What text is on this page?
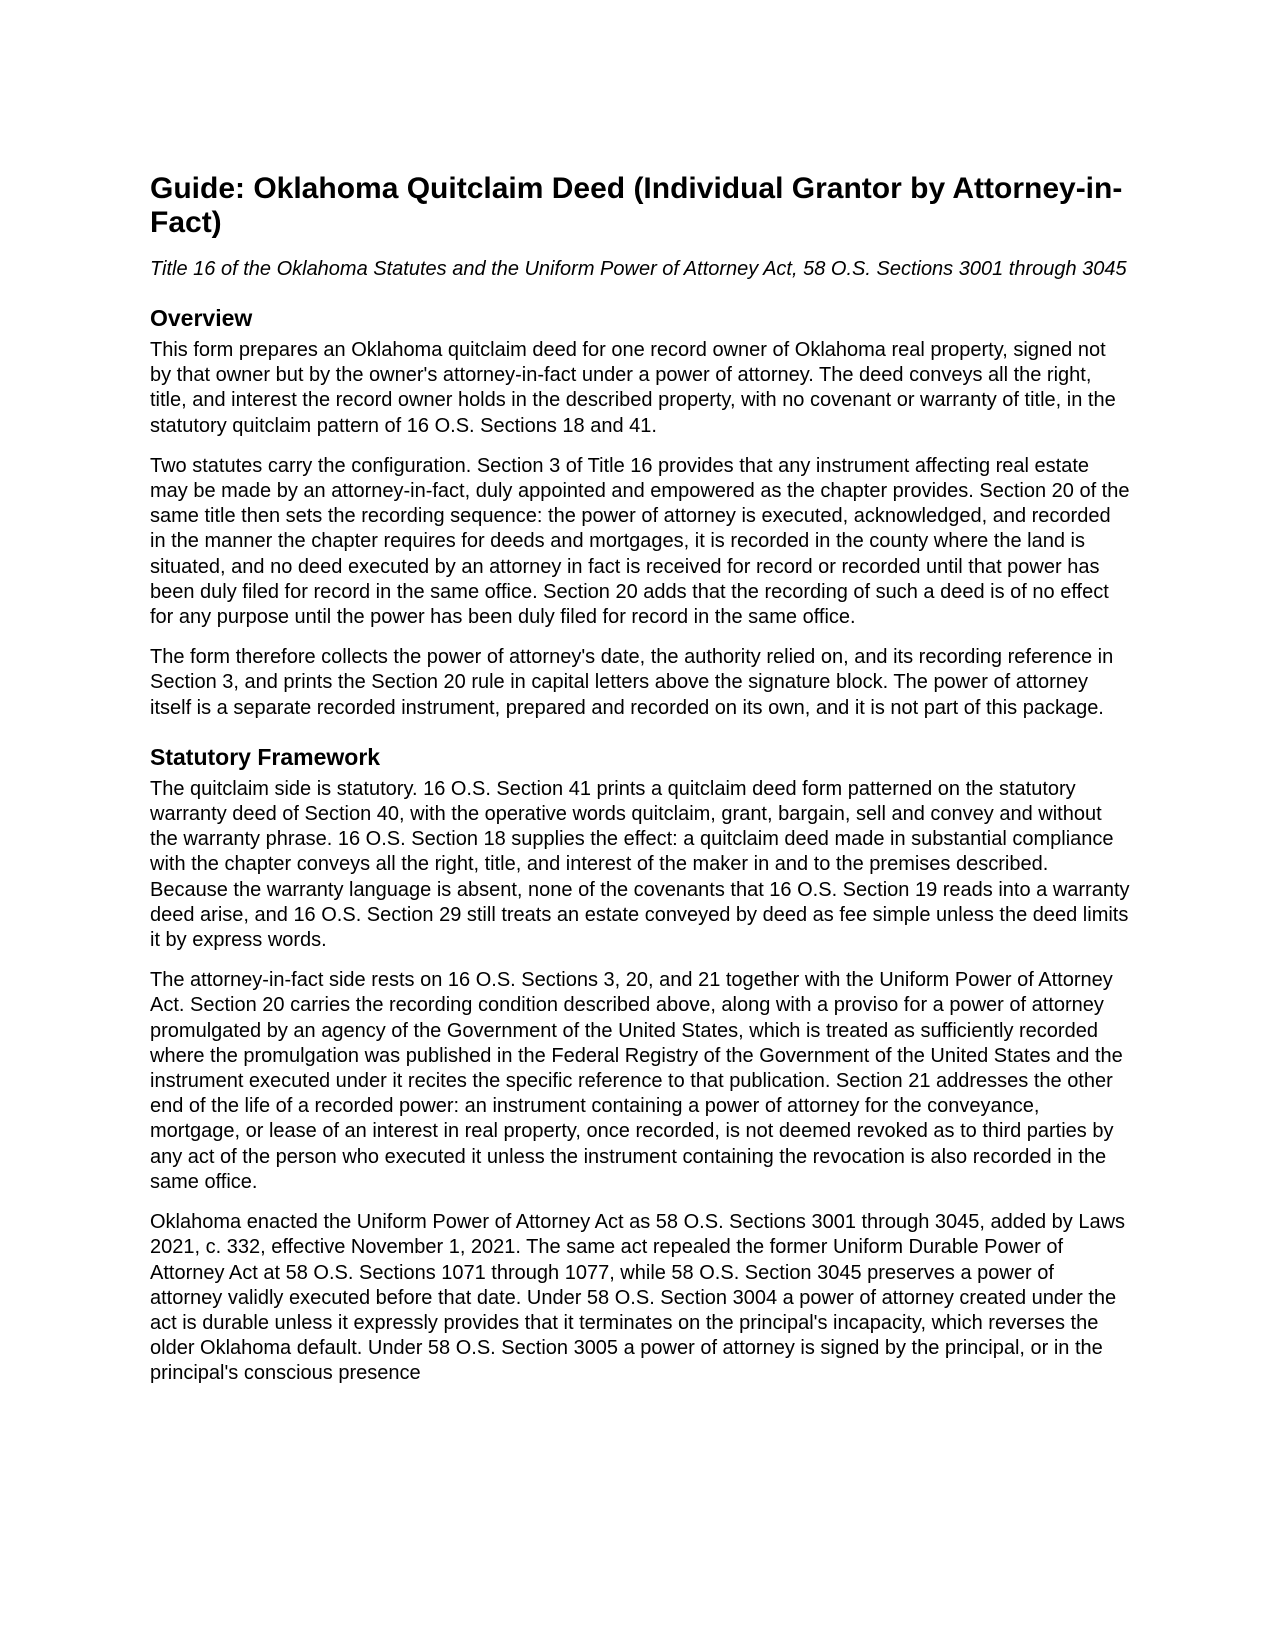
Guide: Oklahoma Quitclaim Deed (Individual Grantor by Attorney-in-Fact)
Title 16 of the Oklahoma Statutes and the Uniform Power of Attorney Act, 58 O.S. Sections 3001 through 3045
Overview

This form prepares an Oklahoma quitclaim deed for one record owner of Oklahoma real property, signed not by that owner but by the owner's attorney-in-fact under a power of attorney. The deed conveys all the right, title, and interest the record owner holds in the described property, with no covenant or warranty of title, in the statutory quitclaim pattern of 16 O.S. Sections 18 and 41.

Two statutes carry the configuration. Section 3 of Title 16 provides that any instrument affecting real estate may be made by an attorney-in-fact, duly appointed and empowered as the chapter provides. Section 20 of the same title then sets the recording sequence: the power of attorney is executed, acknowledged, and recorded in the manner the chapter requires for deeds and mortgages, it is recorded in the county where the land is situated, and no deed executed by an attorney in fact is received for record or recorded until that power has been duly filed for record in the same office. Section 20 adds that the recording of such a deed is of no effect for any purpose until the power has been duly filed for record in the same office.

The form therefore collects the power of attorney's date, the authority relied on, and its recording reference in Section 3, and prints the Section 20 rule in capital letters above the signature block. The power of attorney itself is a separate recorded instrument, prepared and recorded on its own, and it is not part of this package.

Statutory Framework

The quitclaim side is statutory. 16 O.S. Section 41 prints a quitclaim deed form patterned on the statutory warranty deed of Section 40, with the operative words quitclaim, grant, bargain, sell and convey and without the warranty phrase. 16 O.S. Section 18 supplies the effect: a quitclaim deed made in substantial compliance with the chapter conveys all the right, title, and interest of the maker in and to the premises described. Because the warranty language is absent, none of the covenants that 16 O.S. Section 19 reads into a warranty deed arise, and 16 O.S. Section 29 still treats an estate conveyed by deed as fee simple unless the deed limits it by express words.

The attorney-in-fact side rests on 16 O.S. Sections 3, 20, and 21 together with the Uniform Power of Attorney Act. Section 20 carries the recording condition described above, along with a proviso for a power of attorney promulgated by an agency of the Government of the United States, which is treated as sufficiently recorded where the promulgation was published in the Federal Registry of the Government of the United States and the instrument executed under it recites the specific reference to that publication. Section 21 addresses the other end of the life of a recorded power: an instrument containing a power of attorney for the conveyance, mortgage, or lease of an interest in real property, once recorded, is not deemed revoked as to third parties by any act of the person who executed it unless the instrument containing the revocation is also recorded in the same office.

Oklahoma enacted the Uniform Power of Attorney Act as 58 O.S. Sections 3001 through 3045, added by Laws 2021, c. 332, effective November 1, 2021. The same act repealed the former Uniform Durable Power of Attorney Act at 58 O.S. Sections 1071 through 1077, while 58 O.S. Section 3045 preserves a power of attorney validly executed before that date. Under 58 O.S. Section 3004 a power of attorney created under the act is durable unless it expressly provides that it terminates on the principal's incapacity, which reverses the older Oklahoma default. Under 58 O.S. Section 3005 a power of attorney is signed by the principal, or in the principal's conscious presence
